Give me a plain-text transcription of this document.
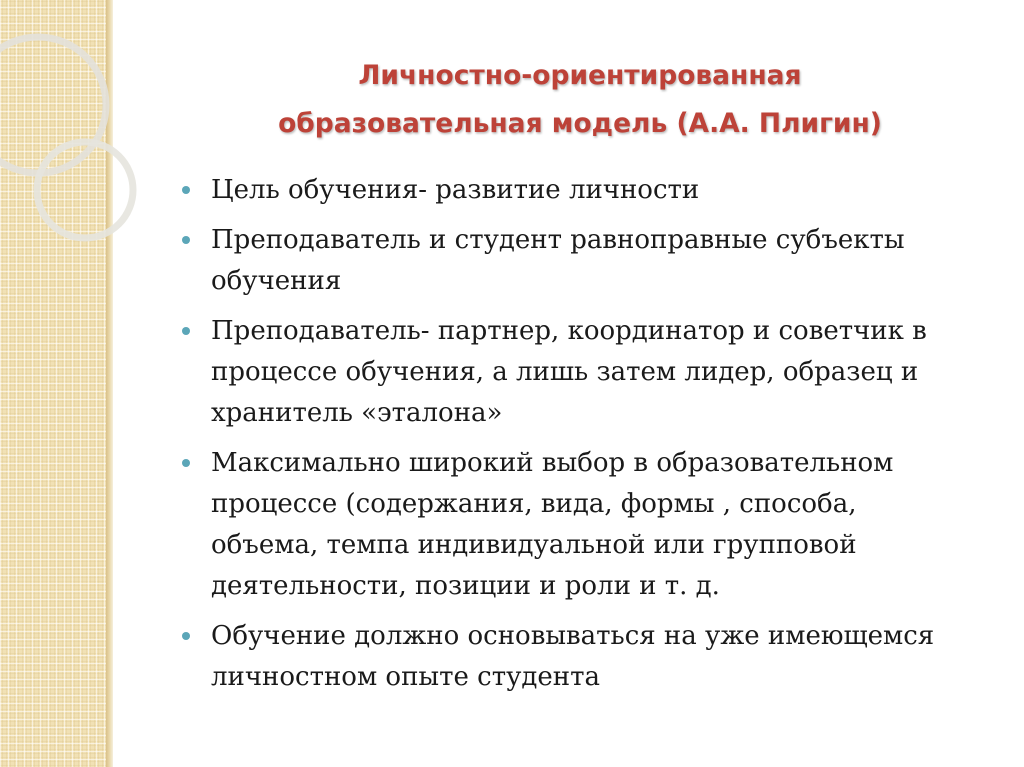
Личностно-ориентированная
образовательная модель (А.А. Плигин)
Цель обучения- развитие личности
Преподаватель и студент равноправные субъекты обучения
Преподаватель- партнер, координатор и советчик в процессе обучения, а лишь затем лидер, образец и хранитель «эталона»
Максимально широкий выбор в образовательном процессе (содержания, вида, формы , способа, объема, темпа индивидуальной или групповой деятельности, позиции и роли и т. д.
Обучение должно основываться на уже имеющемся личностном опыте студента
